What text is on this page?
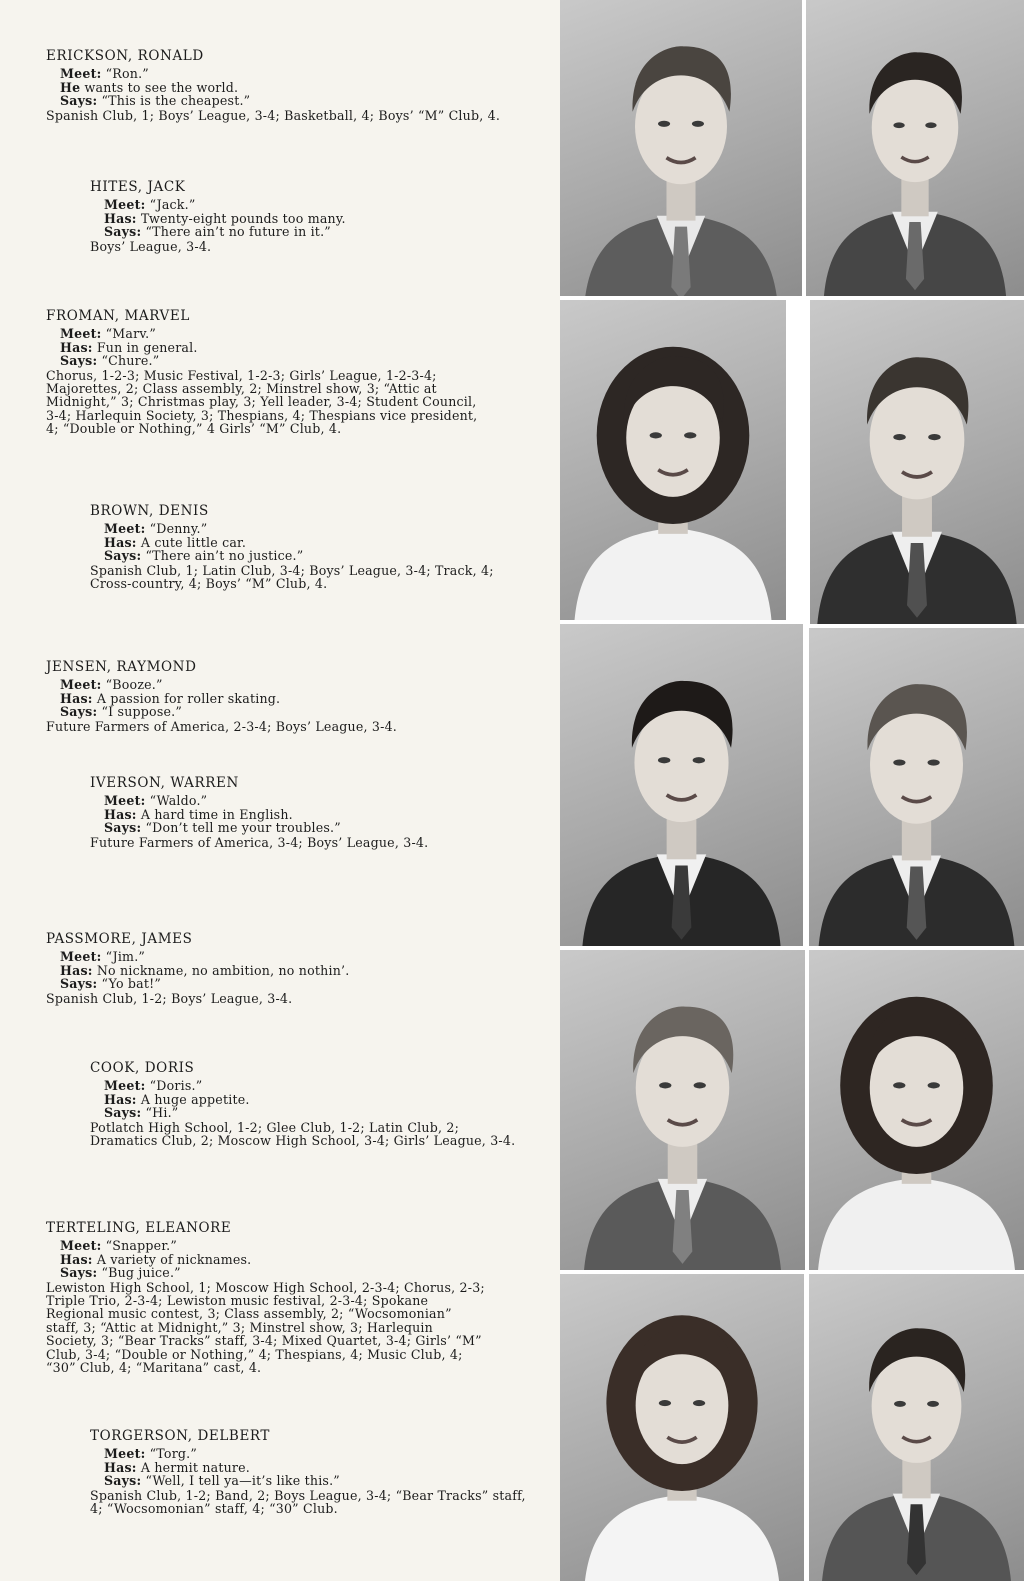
ERICKSON, RONALD
Meet: “Ron.”
He wants to see the world.
Says: “This is the cheapest.”
Spanish Club, 1; Boys’ League, 3-4; Basketball, 4; Boys’ “M” Club, 4.
HITES, JACK
Meet: “Jack.”
Has: Twenty-eight pounds too many.
Says: “There ain’t no future in it.”
Boys’ League, 3-4.
FROMAN, MARVEL
Meet: “Marv.”
Has: Fun in general.
Says: “Chure.”
Chorus, 1-2-3; Music Festival, 1-2-3; Girls’ League, 1-2-3-4; Majorettes, 2; Class assembly, 2; Minstrel show, 3; “Attic at Midnight,” 3; Christmas play, 3; Yell leader, 3-4; Student Council, 3-4; Harlequin Society, 3; Thespians, 4; Thespians vice president, 4; “Double or Nothing,” 4 Girls’ “M” Club, 4.
BROWN, DENIS
Meet: “Denny.”
Has: A cute little car.
Says: “There ain’t no justice.”
Spanish Club, 1; Latin Club, 3-4; Boys’ League, 3-4; Track, 4; Cross-country, 4; Boys’ “M” Club, 4.
JENSEN, RAYMOND
Meet: “Booze.”
Has: A passion for roller skating.
Says: “I suppose.”
Future Farmers of America, 2-3-4; Boys’ League, 3-4.
IVERSON, WARREN
Meet: “Waldo.”
Has: A hard time in English.
Says: “Don’t tell me your troubles.”
Future Farmers of America, 3-4; Boys’ League, 3-4.
PASSMORE, JAMES
Meet: “Jim.”
Has: No nickname, no ambition, no nothin’.
Says: “Yo bat!”
Spanish Club, 1-2; Boys’ League, 3-4.
COOK, DORIS
Meet: “Doris.”
Has: A huge appetite.
Says: “Hi.”
Potlatch High School, 1-2; Glee Club, 1-2; Latin Club, 2; Dramatics Club, 2; Moscow High School, 3-4; Girls’ League, 3-4.
TERTELING, ELEANORE
Meet: “Snapper.”
Has: A variety of nicknames.
Says: “Bug juice.”
Lewiston High School, 1; Moscow High School, 2-3-4; Chorus, 2-3; Triple Trio, 2-3-4; Lewiston music festival, 2-3-4; Spokane Regional music contest, 3; Class assembly, 2; “Wocsomonian” staff, 3; “Attic at Midnight,” 3; Minstrel show, 3; Harlequin Society, 3; “Bear Tracks” staff, 3-4; Mixed Quartet, 3-4; Girls’ “M” Club, 3-4; “Double or Nothing,” 4; Thespians, 4; Music Club, 4; “30” Club, 4; “Maritana” cast, 4.
TORGERSON, DELBERT
Meet: “Torg.”
Has: A hermit nature.
Says: “Well, I tell ya—it’s like this.”
Spanish Club, 1-2; Band, 2; Boys League, 3-4; “Bear Tracks” staff, 4; “Wocsomonian” staff, 4; “30” Club.
